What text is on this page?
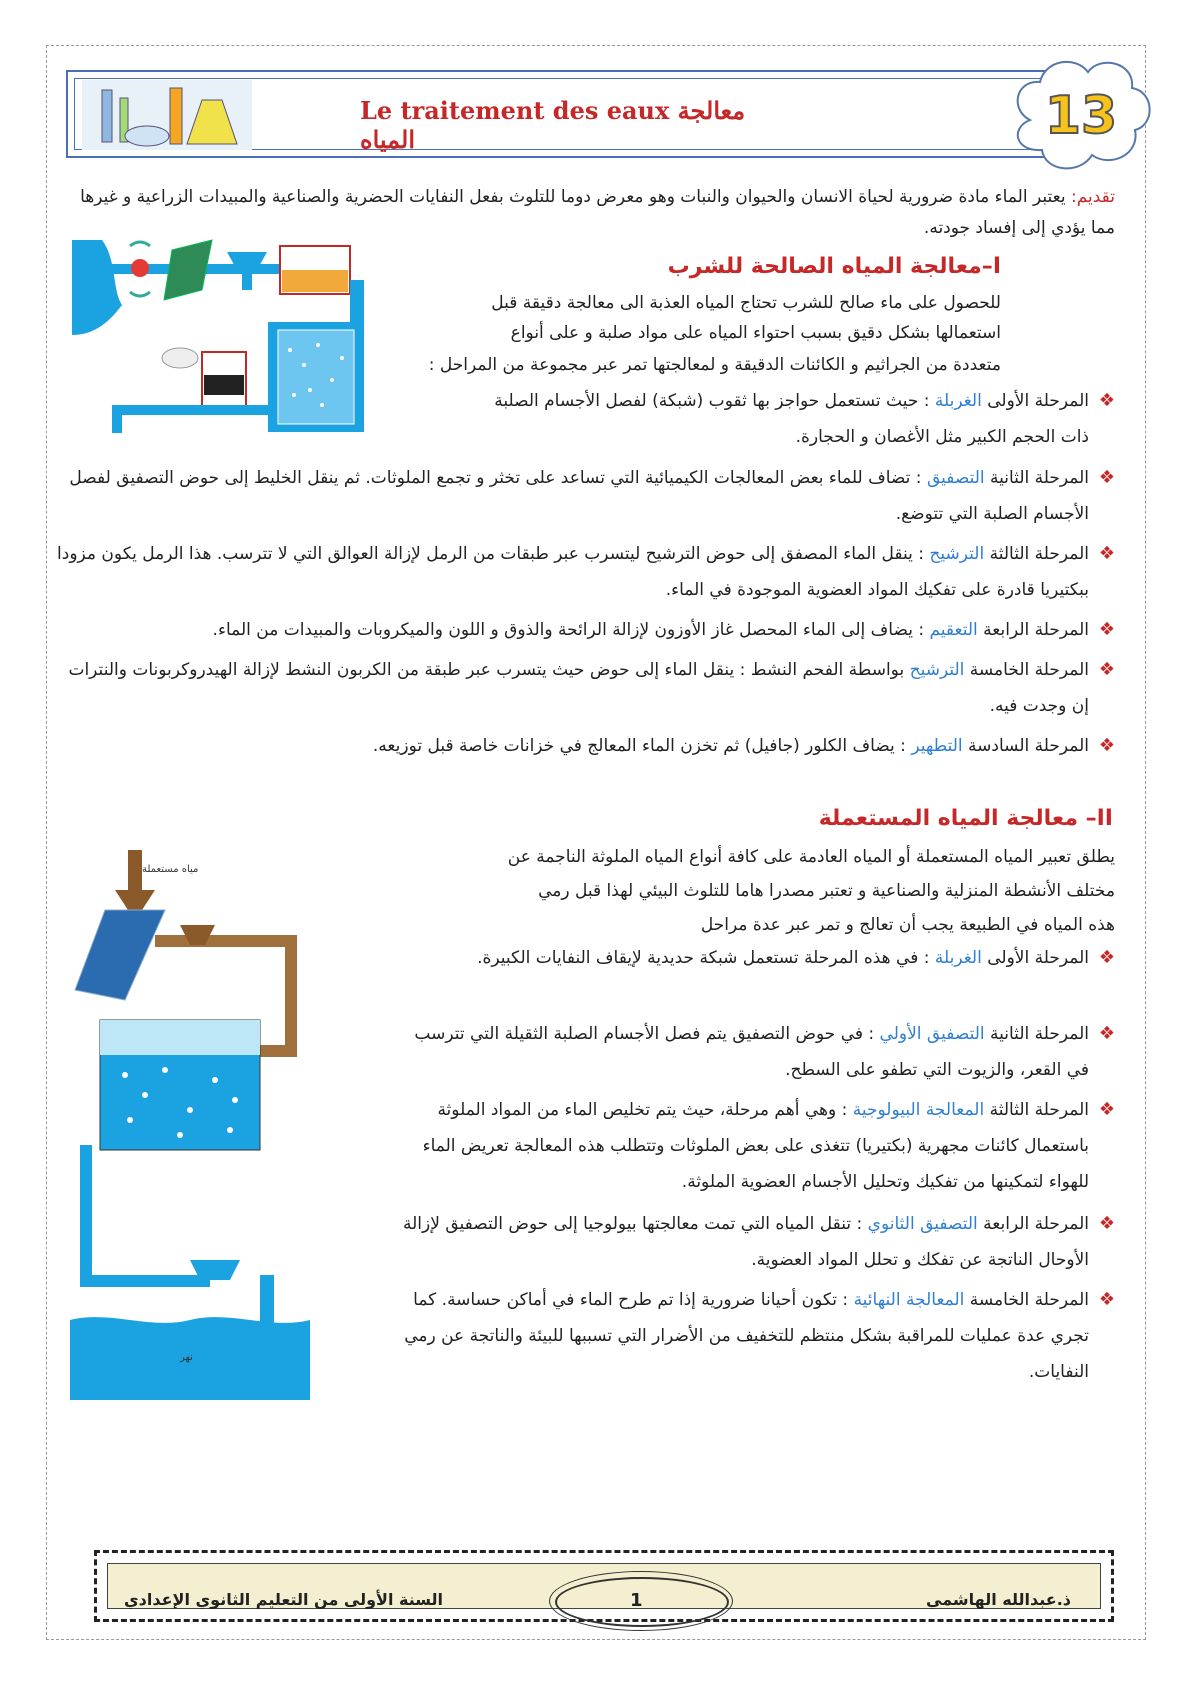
Le traitement des eaux معالجة المياه	13
تقديم: يعتبر الماء مادة ضرورية لحياة الانسان والحيوان والنبات وهو معرض دوما للتلوث بفعل النفايات الحضرية والصناعية والمبيدات الزراعية و غيرها مما يؤدي إلى إفساد جودته.
I–معالجة المياه الصالحة للشرب
للحصول على ماء صالح للشرب تحتاج المياه العذبة الى معالجة دقيقة قبل
استعمالها بشكل دقيق بسبب احتواء المياه على مواد صلبة و على أنواع
متعددة من الجراثيم و الكائنات الدقيقة و لمعالجتها تمر عبر مجموعة من المراحل :
❖
المرحلة الأولى الغربلة : حيث تستعمل حواجز بها ثقوب (شبكة) لفصل الأجسام الصلبة ذات الحجم الكبير مثل الأغصان و الحجارة.
❖
المرحلة الثانية التصفيق : تضاف للماء بعض المعالجات الكيميائية التي تساعد على تخثر و تجمع الملوثات. ثم ينقل الخليط إلى حوض التصفيق لفصل الأجسام الصلبة التي تتوضع.
❖
المرحلة الثالثة الترشيح : ينقل الماء المصفق إلى حوض الترشيح ليتسرب عبر طبقات من الرمل لإزالة العوالق التي لا تترسب. هذا الرمل يكون مزودا ببكتيريا قادرة على تفكيك المواد العضوية الموجودة في الماء.
❖
المرحلة الرابعة التعقيم : يضاف إلى الماء المحصل غاز الأوزون لإزالة الرائحة والذوق و اللون والميكروبات والمبيدات من الماء.
❖
المرحلة الخامسة الترشيح بواسطة الفحم النشط : ينقل الماء إلى حوض حيث يتسرب عبر طبقة من الكربون النشط لإزالة الهيدروكربونات والنترات إن وجدت فيه.
❖
المرحلة السادسة التطهير : يضاف الكلور (جافيل) ثم تخزن الماء المعالج في خزانات خاصة قبل توزيعه.
II– معالجة المياه المستعملة
يطلق تعبير المياه المستعملة أو المياه العادمة على كافة أنواع المياه الملوثة الناجمة عن
مختلف الأنشطة المنزلية والصناعية و تعتبر مصدرا هاما للتلوث البيئي لهذا قبل رمي
هذه المياه في الطبيعة يجب أن تعالج و تمر عبر عدة مراحل
❖
المرحلة الأولى الغربلة : في هذه المرحلة تستعمل شبكة حديدية لإيقاف النفايات الكبيرة.
❖
المرحلة الثانية التصفيق الأولي : في حوض التصفيق يتم فصل الأجسام الصلبة الثقيلة التي تترسب في القعر، والزيوت التي تطفو على السطح.
❖
المرحلة الثالثة المعالجة البيولوجية : وهي أهم مرحلة، حيث يتم تخليص الماء من المواد الملوثة باستعمال كائنات مجهرية (بكتيريا) تتغذى على بعض الملوثات وتتطلب هذه المعالجة تعريض الماء للهواء لتمكينها من تفكيك وتحليل الأجسام العضوية الملوثة.
❖
المرحلة الرابعة التصفيق الثانوي : تنقل المياه التي تمت معالجتها بيولوجيا إلى حوض التصفيق لإزالة الأوحال الناتجة عن تفكك و تحلل المواد العضوية.
❖
المرحلة الخامسة المعالجة النهائية : تكون أحيانا ضرورية إذا تم طرح الماء في أماكن حساسة. كما تجري عدة عمليات للمراقبة بشكل منتظم للتخفيف من الأضرار التي تسببها للبيئة والناتجة عن رمي النفايات.
مياه مستعملة
نهر
1	ذ.عبدالله الهاشمي
السنة الأولى من التعليم الثانوي الإعدادي
